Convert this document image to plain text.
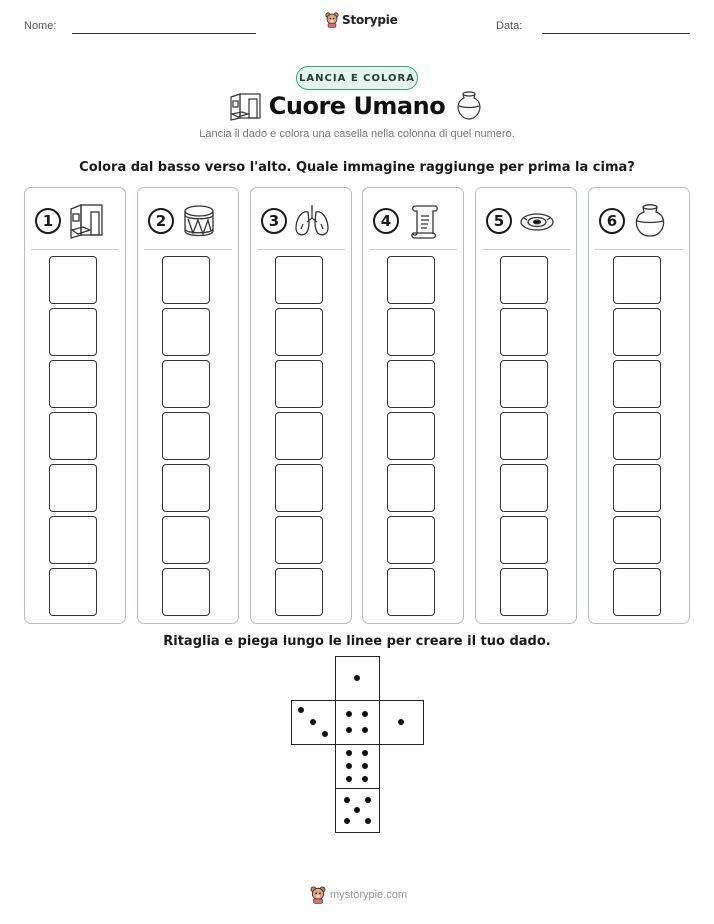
Nome:	Storypie	Data:
LANCIA E COLORA
Cuore Umano
Lancia il dado e colora una casella nella colonna di quel numero.
Colora dal basso verso l'alto. Quale immagine raggiunge per prima la cima?
1	2	3	4	5	6
Ritaglia e piega lungo le linee per creare il tuo dado.
mystorypie.com
